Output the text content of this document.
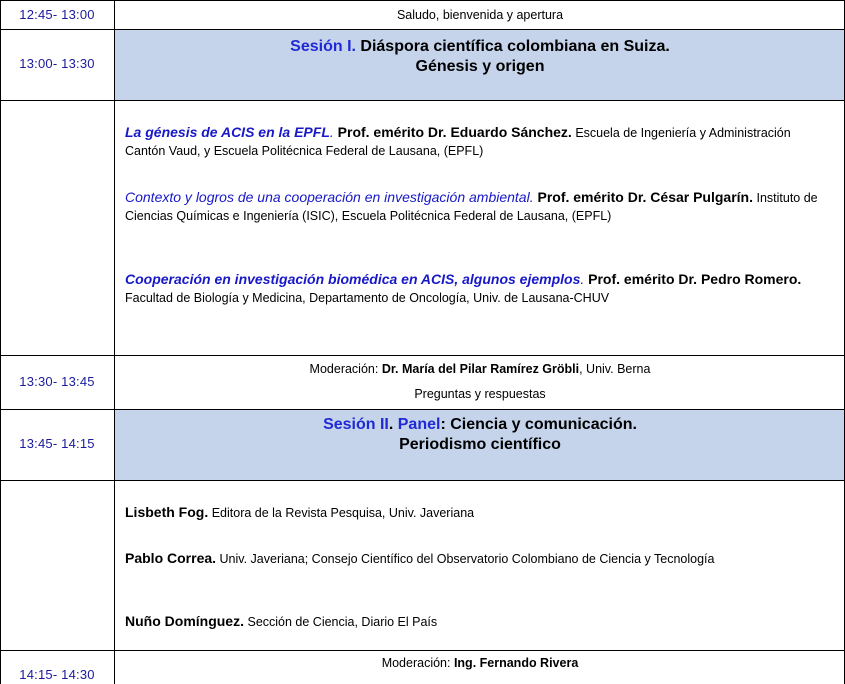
12:45- 13:00	Saludo, bienvenida y apertura
13:00- 13:30
Sesión I. Diáspora científica colombiana en Suiza.
Génesis y origen
La génesis de ACIS en la EPFL. Prof. emérito Dr. Eduardo Sánchez. Escuela de Ingeniería y Administración Cantón Vaud, y Escuela Politécnica Federal de Lausana, (EPFL)
Contexto y logros de una cooperación en investigación ambiental. Prof. emérito Dr. César Pulgarín. Instituto de Ciencias Químicas e Ingeniería (ISIC), Escuela Politécnica Federal de Lausana, (EPFL)
Cooperación en investigación biomédica en ACIS, algunos ejemplos. Prof. emérito Dr. Pedro Romero. Facultad de Biología y Medicina, Departamento de Oncología, Univ. de Lausana-CHUV
13:30- 13:45
Moderación: Dr. María del Pilar Ramírez Gröbli, Univ. Berna
Preguntas y respuestas
13:45- 14:15
Sesión II. Panel: Ciencia y comunicación.
Periodismo científico
Lisbeth Fog. Editora de la Revista Pesquisa, Univ. Javeriana
Pablo Correa. Univ. Javeriana; Consejo Científico del Observatorio Colombiano de Ciencia y Tecnología
Nuño Domínguez. Sección de Ciencia, Diario El País
14:15- 14:30
Moderación: Ing. Fernando Rivera
